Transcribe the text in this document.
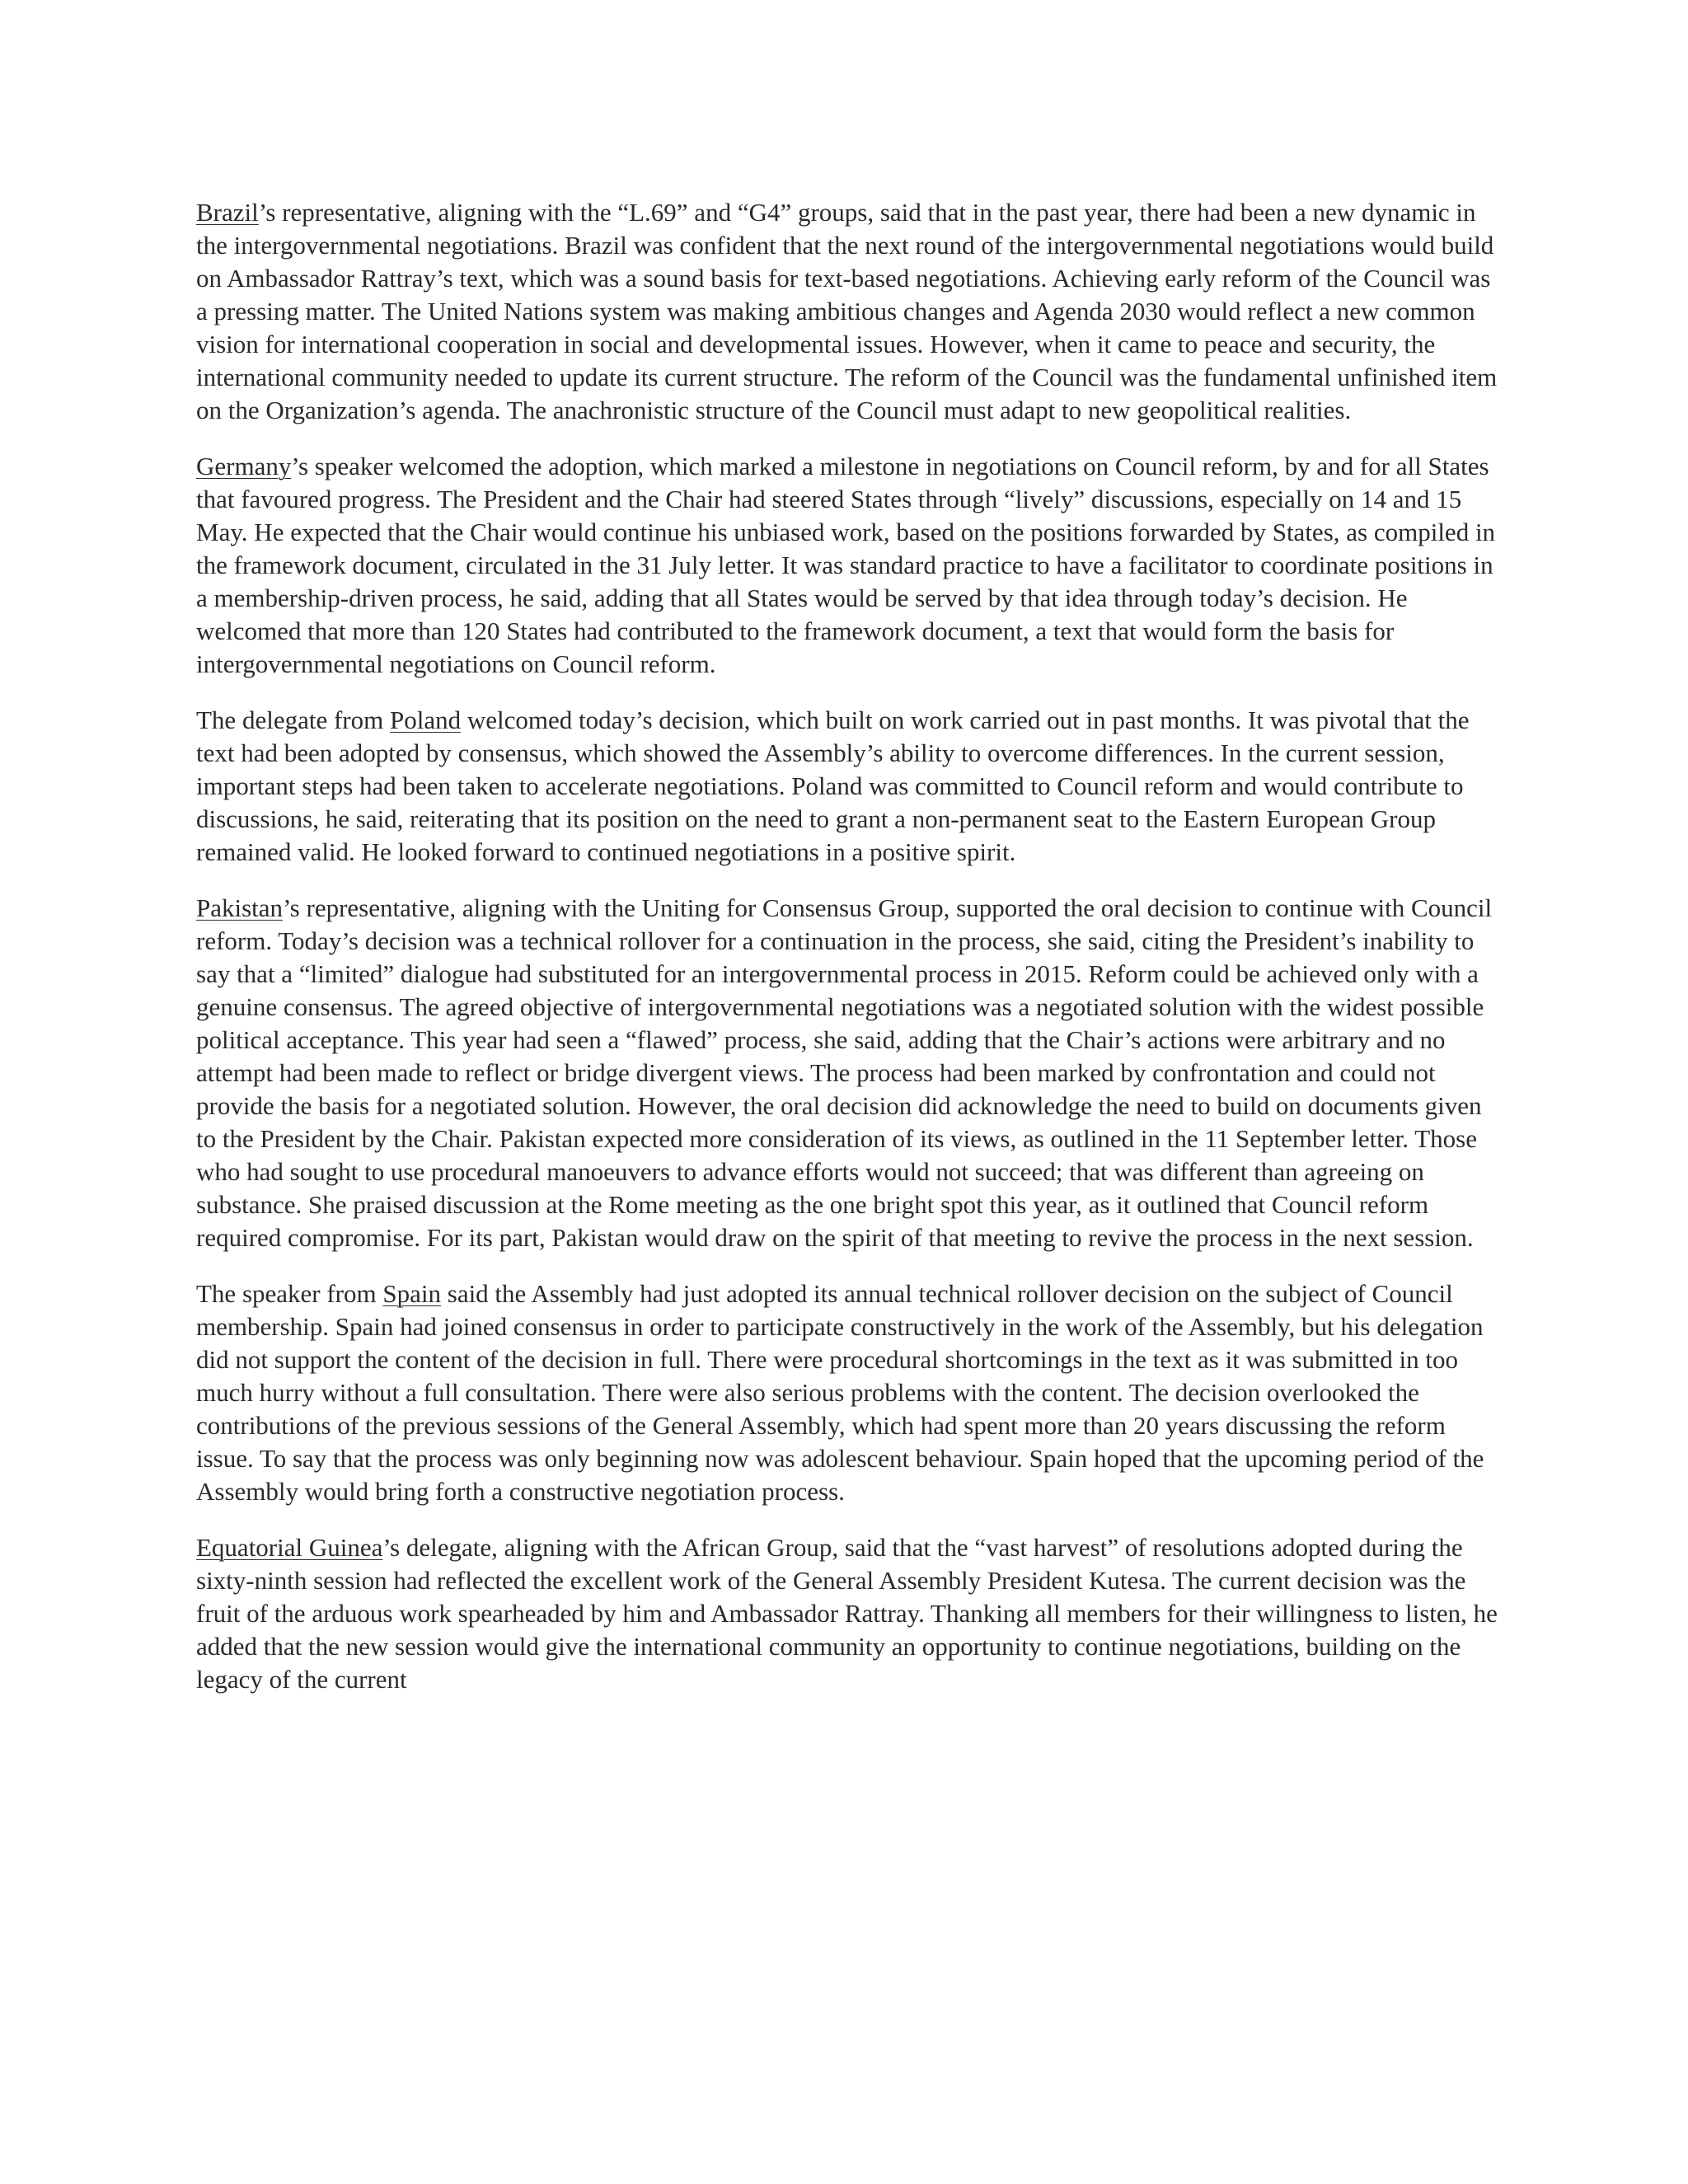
Brazil’s representative, aligning with the “L.69” and “G4” groups, said that in the past year, there had been a new dynamic in the intergovernmental negotiations. Brazil was confident that the next round of the intergovernmental negotiations would build on Ambassador Rattray’s text, which was a sound basis for text-based negotiations. Achieving early reform of the Council was a pressing matter. The United Nations system was making ambitious changes and Agenda 2030 would reflect a new common vision for international cooperation in social and developmental issues. However, when it came to peace and security, the international community needed to update its current structure. The reform of the Council was the fundamental unfinished item on the Organization’s agenda. The anachronistic structure of the Council must adapt to new geopolitical realities.

Germany’s speaker welcomed the adoption, which marked a milestone in negotiations on Council reform, by and for all States that favoured progress. The President and the Chair had steered States through “lively” discussions, especially on 14 and 15 May. He expected that the Chair would continue his unbiased work, based on the positions forwarded by States, as compiled in the framework document, circulated in the 31 July letter. It was standard practice to have a facilitator to coordinate positions in a membership-driven process, he said, adding that all States would be served by that idea through today’s decision. He welcomed that more than 120 States had contributed to the framework document, a text that would form the basis for intergovernmental negotiations on Council reform.

The delegate from Poland welcomed today’s decision, which built on work carried out in past months. It was pivotal that the text had been adopted by consensus, which showed the Assembly’s ability to overcome differences. In the current session, important steps had been taken to accelerate negotiations. Poland was committed to Council reform and would contribute to discussions, he said, reiterating that its position on the need to grant a non-permanent seat to the Eastern European Group remained valid. He looked forward to continued negotiations in a positive spirit.

Pakistan’s representative, aligning with the Uniting for Consensus Group, supported the oral decision to continue with Council reform. Today’s decision was a technical rollover for a continuation in the process, she said, citing the President’s inability to say that a “limited” dialogue had substituted for an intergovernmental process in 2015. Reform could be achieved only with a genuine consensus. The agreed objective of intergovernmental negotiations was a negotiated solution with the widest possible political acceptance. This year had seen a “flawed” process, she said, adding that the Chair’s actions were arbitrary and no attempt had been made to reflect or bridge divergent views. The process had been marked by confrontation and could not provide the basis for a negotiated solution. However, the oral decision did acknowledge the need to build on documents given to the President by the Chair. Pakistan expected more consideration of its views, as outlined in the 11 September letter. Those who had sought to use procedural manoeuvers to advance efforts would not succeed; that was different than agreeing on substance. She praised discussion at the Rome meeting as the one bright spot this year, as it outlined that Council reform required compromise. For its part, Pakistan would draw on the spirit of that meeting to revive the process in the next session.

The speaker from Spain said the Assembly had just adopted its annual technical rollover decision on the subject of Council membership. Spain had joined consensus in order to participate constructively in the work of the Assembly, but his delegation did not support the content of the decision in full. There were procedural shortcomings in the text as it was submitted in too much hurry without a full consultation. There were also serious problems with the content. The decision overlooked the contributions of the previous sessions of the General Assembly, which had spent more than 20 years discussing the reform issue. To say that the process was only beginning now was adolescent behaviour. Spain hoped that the upcoming period of the Assembly would bring forth a constructive negotiation process.

Equatorial Guinea’s delegate, aligning with the African Group, said that the “vast harvest” of resolutions adopted during the sixty-ninth session had reflected the excellent work of the General Assembly President Kutesa. The current decision was the fruit of the arduous work spearheaded by him and Ambassador Rattray. Thanking all members for their willingness to listen, he added that the new session would give the international community an opportunity to continue negotiations, building on the legacy of the current
